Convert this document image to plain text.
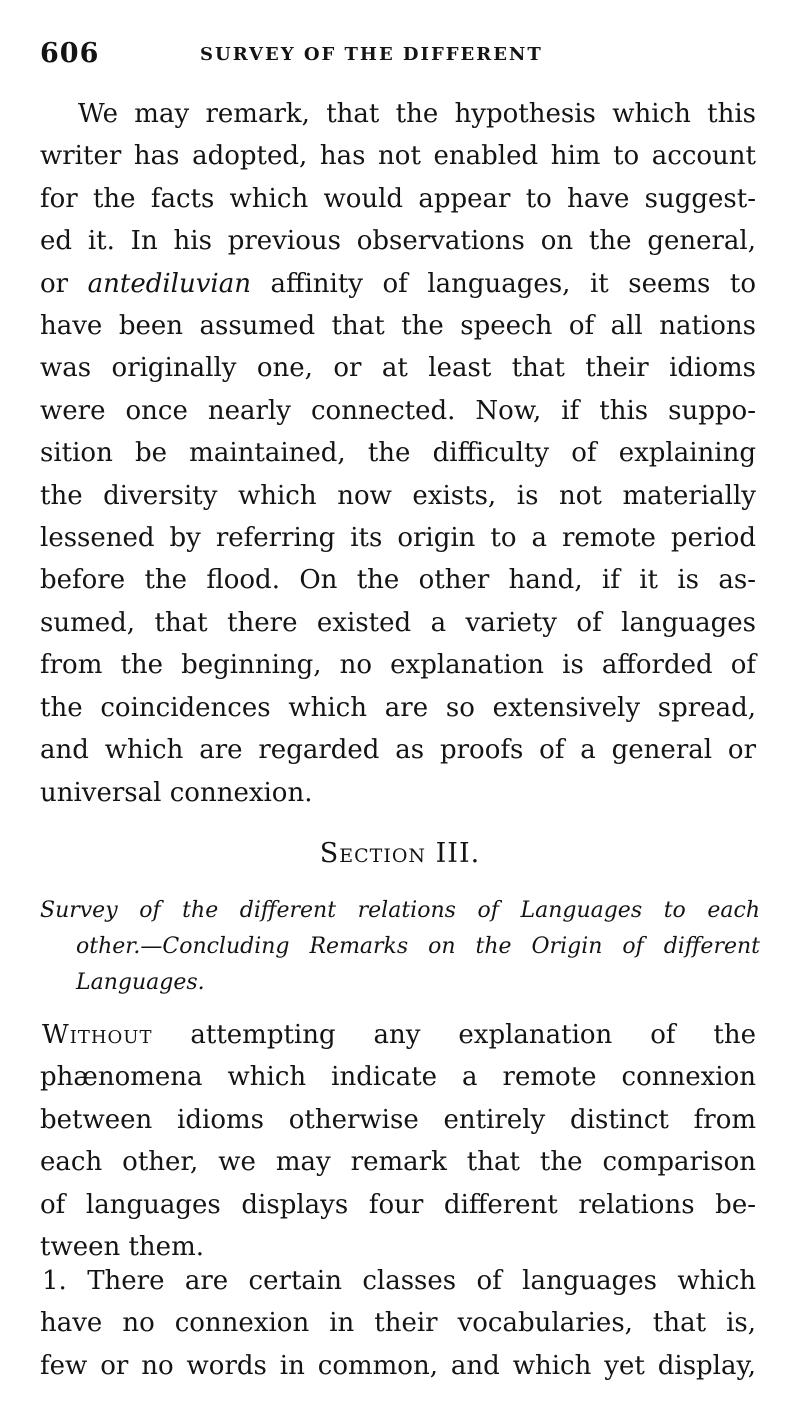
606	SURVEY OF THE DIFFERENT
We may remark, that the hypothesis which this
writer has adopted, has not enabled him to account
for the facts which would appear to have suggest-
ed it. In his previous observations on the general,
or antediluvian affinity of languages, it seems to
have been assumed that the speech of all nations
was originally one, or at least that their idioms
were once nearly connected. Now, if this suppo-
sition be maintained, the difficulty of explaining
the diversity which now exists, is not materially
lessened by referring its origin to a remote period
before the flood. On the other hand, if it is as-
sumed, that there existed a variety of languages
from the beginning, no explanation is afforded of
the coincidences which are so extensively spread,
and which are regarded as proofs of a general or
universal connexion.
Section III.
Survey of the different relations of Languages to each
other.—Concluding Remarks on the Origin of different
Languages.
Without attempting any explanation of the
phænomena which indicate a remote connexion
between idioms otherwise entirely distinct from
each other, we may remark that the comparison
of languages displays four different relations be-
tween them.
1. There are certain classes of languages which
have no connexion in their vocabularies, that is,
few or no words in common, and which yet display,
